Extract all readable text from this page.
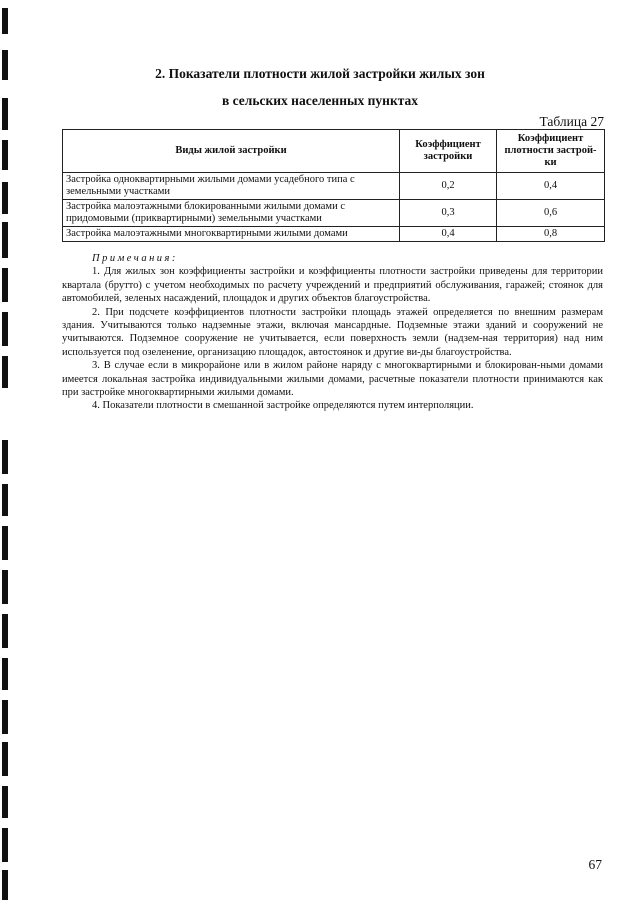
2. Показатели плотности жилой застройки жилых зон
в сельских населенных пунктах
Таблица 27
Виды жилой застройки	Коэффициент застройки	Коэффициент плотности застрой-ки
Застройка одноквартирными жилыми домами усадебного типа с земельными участками	0,2	0,4
Застройка малоэтажными блокированными жилыми домами с придомовыми (приквартирными) земельными участками	0,3	0,6
Застройка малоэтажными многоквартирными жилыми домами	0,4	0,8
Примечания:

1. Для жилых зон коэффициенты застройки и коэффициенты плотности застройки приведены для территории квартала (брутто) с учетом необходимых по расчету учреждений и предприятий обслуживания, гаражей; стоянок для автомобилей, зеленых насаждений, площадок и других объектов благоустройства.

2. При подсчете коэффициентов плотности застройки площадь этажей определяется по внешним размерам здания. Учитываются только надземные этажи, включая мансардные. Подземные этажи зданий и сооружений не учитываются. Подземное сооружение не учитывается, если поверхность земли (надзем-ная территория) над ним используется под озеленение, организацию площадок, автостоянок и другие ви-ды благоустройства.

3. В случае если в микрорайоне или в жилом районе наряду с многоквартирными и блокирован-ными домами имеется локальная застройка индивидуальными жилыми домами, расчетные показатели плотности принимаются как при застройке многоквартирными жилыми домами.

4. Показатели плотности в смешанной застройке определяются путем интерполяции.

67
